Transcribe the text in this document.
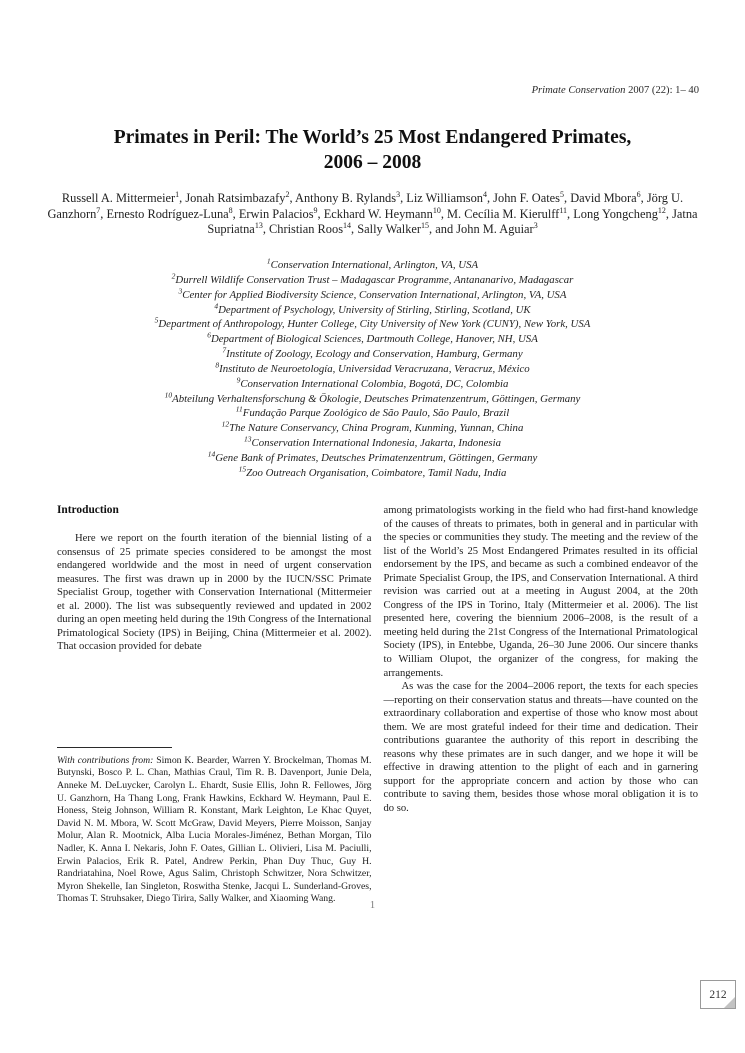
Primate Conservation 2007 (22): 1– 40
Primates in Peril: The World’s 25 Most Endangered Primates,
2006 – 2008
Russell A. Mittermeier$^1$, Jonah Ratsimbazafy$^2$, Anthony B. Rylands$^3$, Liz Williamson$^4$, John F. Oates$^5$, David Mbora$^6$, Jörg U. Ganzhorn$^7$, Ernesto Rodríguez-Luna$^8$, Erwin Palacios$^9$, Eckhard W. Heymann$^{10}$, M. Cecília M. Kierulff$^{11}$, Long Yongcheng$^{12}$, Jatna Supriatna$^{13}$, Christian Roos$^{14}$, Sally Walker$^{15}$, and John M. Aguiar$^3$
$^1$Conservation International, Arlington, VA, USA
$^2$Durrell Wildlife Conservation Trust – Madagascar Programme, Antananarivo, Madagascar
$^3$Center for Applied Biodiversity Science, Conservation International, Arlington, VA, USA
$^4$Department of Psychology, University of Stirling, Stirling, Scotland, UK
$^5$Department of Anthropology, Hunter College, City University of New York (CUNY), New York, USA
$^6$Department of Biological Sciences, Dartmouth College, Hanover, NH, USA
$^7$Institute of Zoology, Ecology and Conservation, Hamburg, Germany
$^8$Instituto de Neuroetología, Universidad Veracruzana, Veracruz, México
$^9$Conservation International Colombia, Bogotá, DC, Colombia
$^{10}$Abteilung Verhaltensforschung & Ökologie, Deutsches Primatenzentrum, Göttingen, Germany
$^{11}$Fundação Parque Zoológico de São Paulo, São Paulo, Brazil
$^{12}$The Nature Conservancy, China Program, Kunming, Yunnan, China
$^{13}$Conservation International Indonesia, Jakarta, Indonesia
$^{14}$Gene Bank of Primates, Deutsches Primatenzentrum, Göttingen, Germany
$^{15}$Zoo Outreach Organisation, Coimbatore, Tamil Nadu, India
Introduction

Here we report on the fourth iteration of the biennial listing of a consensus of 25 primate species considered to be amongst the most endangered worldwide and the most in need of urgent conservation measures. The first was drawn up in 2000 by the IUCN/SSC Primate Specialist Group, together with Conservation International (Mittermeier et al. 2000). The list was subsequently reviewed and updated in 2002 during an open meeting held during the 19th Congress of the International Primatological Society (IPS) in Beijing, China (Mittermeier et al. 2002). That occasion provided for debate

With contributions from: Simon K. Bearder, Warren Y. Brockelman, Thomas M. Butynski, Bosco P. L. Chan, Mathias Craul, Tim R. B. Davenport, Junie Dela, Anneke M. DeLuycker, Carolyn L. Ehardt, Susie Ellis, John R. Fellowes, Jörg U. Ganzhorn, Ha Thang Long, Frank Hawkins, Eckhard W. Heymann, Paul E. Honess, Steig Johnson, William R. Konstant, Mark Leighton, Le Khac Quyet, David N. M. Mbora, W. Scott McGraw, David Meyers, Pierre Moisson, Sanjay Molur, Alan R. Mootnick, Alba Lucia Morales-Jiménez, Bethan Morgan, Tilo Nadler, K. Anna I. Nekaris, John F. Oates, Gillian L. Olivieri, Lisa M. Paciulli, Erwin Palacios, Erik R. Patel, Andrew Perkin, Phan Duy Thuc, Guy H. Randriatahina, Noel Rowe, Agus Salim, Christoph Schwitzer, Nora Schwitzer, Myron Shekelle, Ian Singleton, Roswitha Stenke, Jacqui L. Sunderland-Groves, Thomas T. Struhsaker, Diego Tirira, Sally Walker, and Xiaoming Wang.

among primatologists working in the field who had first-hand knowledge of the causes of threats to primates, both in general and in particular with the species or communities they study. The meeting and the review of the list of the World’s 25 Most Endangered Primates resulted in its official endorsement by the IPS, and became as such a combined endeavor of the Primate Specialist Group, the IPS, and Conservation International. A third revision was carried out at a meeting in August 2004, at the 20th Congress of the IPS in Torino, Italy (Mittermeier et al. 2006). The list presented here, covering the biennium 2006–2008, is the result of a meeting held during the 21st Congress of the International Primatological Society (IPS), in Entebbe, Uganda, 26–30 June 2006. Our sincere thanks to William Olupot, the organizer of the congress, for making the arrangements.

As was the case for the 2004–2006 report, the texts for each species—reporting on their conservation status and threats—have counted on the extraordinary collaboration and expertise of those who know most about them. We are most grateful indeed for their time and dedication. Their contributions guarantee the authority of this report in describing the reasons why these primates are in such danger, and we hope it will be effective in drawing attention to the plight of each and in garnering support for the appropriate concern and action by those who can contribute to saving them, besides those whose moral obligation it is to do so.

1
212
